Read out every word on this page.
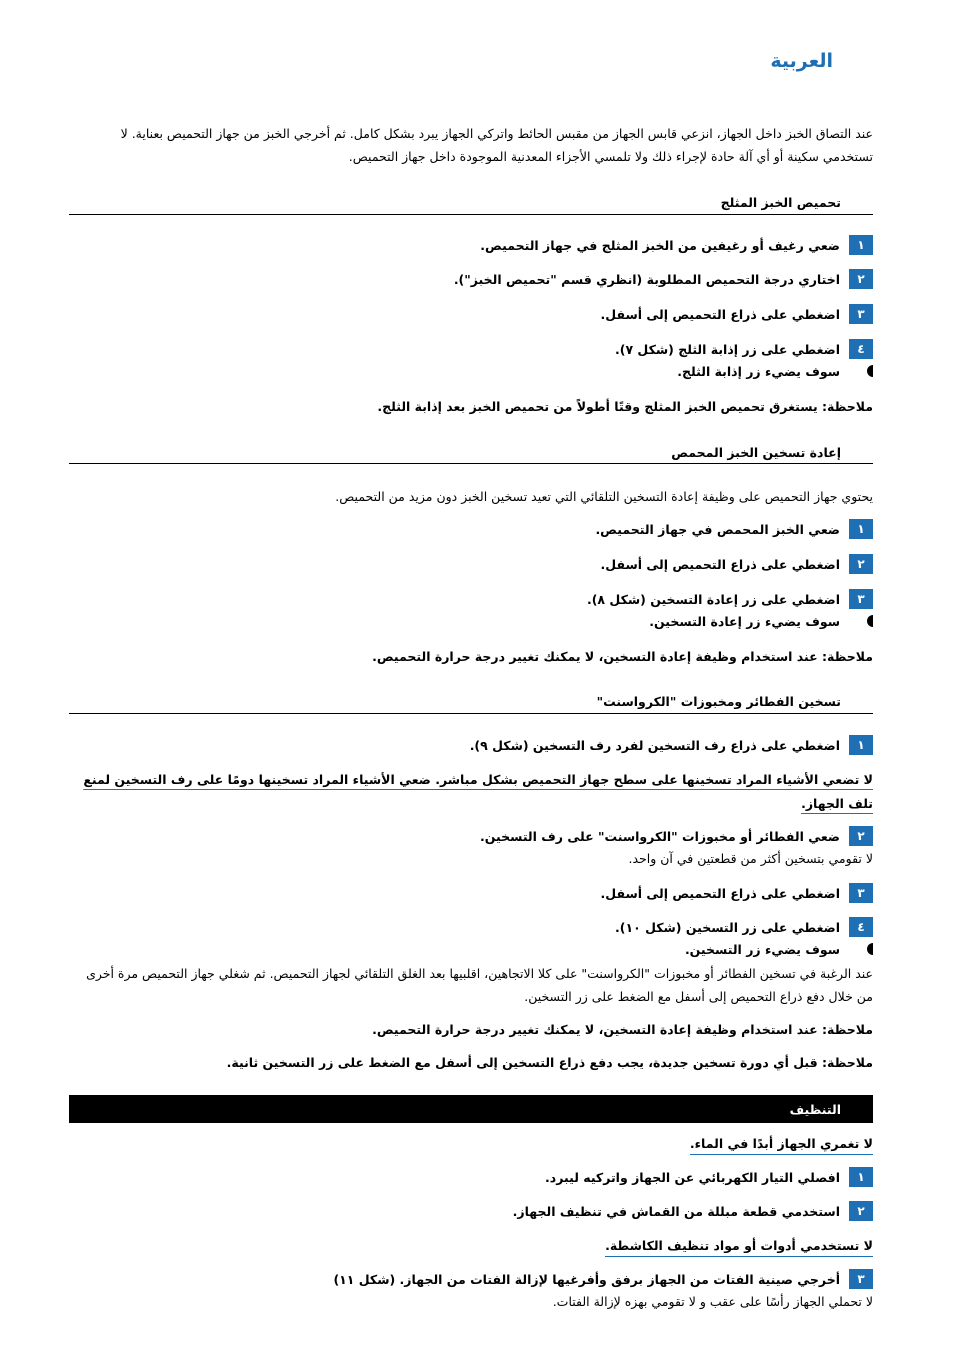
العربية
عند التصاق الخبز داخل الجهاز، انزعي قابس الجهاز من مقبس الحائط واتركي الجهاز يبرد بشكل كامل. ثم أخرجي الخبز من جهاز التحميص بعناية. لا تستخدمي سكينة أو أي آلة حادة لإجراء ذلك ولا تلمسي الأجزاء المعدنية الموجودة داخل جهاز التحميص.
تحميص الخبز المثلج
١
ضعي رغيف أو رغيفين من الخبز المثلج في جهاز التحميص.
٢
اختاري درجة التحميص المطلوبة (انظري قسم "تحميص الخبز").
٣
اضغطي على ذراع التحميص إلى أسفل.
٤
اضغطي على زر إذابة الثلج (شكل ٧).
سوف يضيء زر إذابة الثلج.
ملاحظة: يستغرق تحميص الخبز المثلج وقتًا أطولاً من تحميص الخبز بعد إذابة الثلج.
إعادة تسخين الخبز المحمص
يحتوي جهاز التحميص على وظيفة إعادة التسخين التلقائي التي تعيد تسخين الخبز دون مزيد من التحميص.
١
ضعي الخبز المحمص في جهاز التحميص.
٢
اضغطي على ذراع التحميص إلى أسفل.
٣
اضغطي على زر إعادة التسخين (شكل ٨).
سوف يضيء زر إعادة التسخين.
ملاحظة: عند استخدام وظيفة إعادة التسخين، لا يمكنك تغيير درجة حرارة التحميص.
تسخين الفطائر ومخبوزات "الكرواسنت"
١
اضغطي على ذراع رف التسخين لفرد رف التسخين (شكل ٩).
لا تضعي الأشياء المراد تسخينها على سطح جهاز التحميص بشكل مباشر. ضعي الأشياء المراد تسخينها دومًا على رف التسخين لمنع تلف الجهاز.
٢
ضعي الفطائر أو مخبوزات "الكرواسنت" على رف التسخين.
لا تقومي بتسخين أكثر من قطعتين في آن واحد.
٣
اضغطي على ذراع التحميص إلى أسفل.
٤
اضغطي على زر التسخين (شكل ١٠).
سوف يضيء زر التسخين.
عند الرغبة في تسخين الفطائر أو مخبوزات "الكرواسنت" على كلا الاتجاهين، اقلبيها بعد الغلق التلقائي لجهاز التحميص. ثم شغلي جهاز التحميص مرة أخرى من خلال دفع ذراع التحميص إلى أسفل مع الضغط على زر التسخين.
ملاحظة: عند استخدام وظيفة إعادة التسخين، لا يمكنك تغيير درجة حرارة التحميص.
ملاحظة: قبل أي دورة تسخين جديدة، يجب دفع ذراع التسخين إلى أسفل مع الضغط على زر التسخين ثانية.
التنظيف
لا تغمري الجهاز أبدًا في الماء.
١
افصلي التيار الكهربائي عن الجهاز واتركيه ليبرد.
٢
استخدمي قطعة مبللة من القماش في تنظيف الجهاز.
لا تستخدمي أدوات أو مواد تنظيف الكاشطة.
٣
أخرجي صينية الفتات من الجهاز برفق وأفرغيها لإزالة الفتات من الجهاز. (شكل ١١)
لا تحملي الجهاز رأسًا على عقب و لا تقومي بهزه لإزالة الفتات.
